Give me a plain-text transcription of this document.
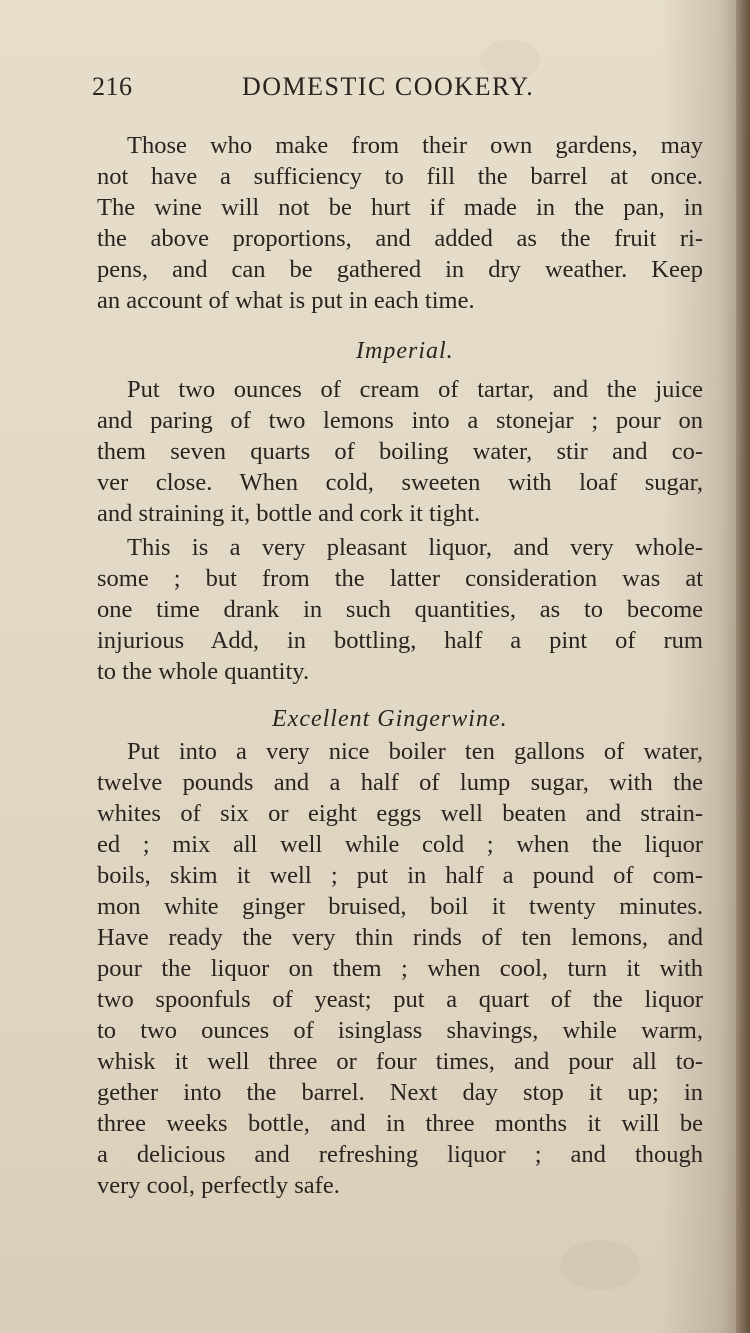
216	DOMESTIC COOKERY.
Those who make from their own gardens, may
not have a sufficiency to fill the barrel at once.
The wine will not be hurt if made in the pan, in
the above proportions, and added as the fruit ri-
pens, and can be gathered in dry weather. Keep
an account of what is put in each time.
Imperial.
Put two ounces of cream of tartar, and the juice
and paring of two lemons into a stonejar ; pour on
them seven quarts of boiling water, stir and co-
ver close. When cold, sweeten with loaf sugar,
and straining it, bottle and cork it tight.
This is a very pleasant liquor, and very whole-
some ; but from the latter consideration was at
one time drank in such quantities, as to become
injurious Add, in bottling, half a pint of rum
to the whole quantity.
Excellent Gingerwine.
Put into a very nice boiler ten gallons of water,
twelve pounds and a half of lump sugar, with the
whites of six or eight eggs well beaten and strain-
ed ; mix all well while cold ; when the liquor
boils, skim it well ; put in half a pound of com-
mon white ginger bruised, boil it twenty minutes.
Have ready the very thin rinds of ten lemons, and
pour the liquor on them ; when cool, turn it with
two spoonfuls of yeast; put a quart of the liquor
to two ounces of isinglass shavings, while warm,
whisk it well three or four times, and pour all to-
gether into the barrel. Next day stop it up; in
three weeks bottle, and in three months it will be
a delicious and refreshing liquor ; and though
very cool, perfectly safe.
